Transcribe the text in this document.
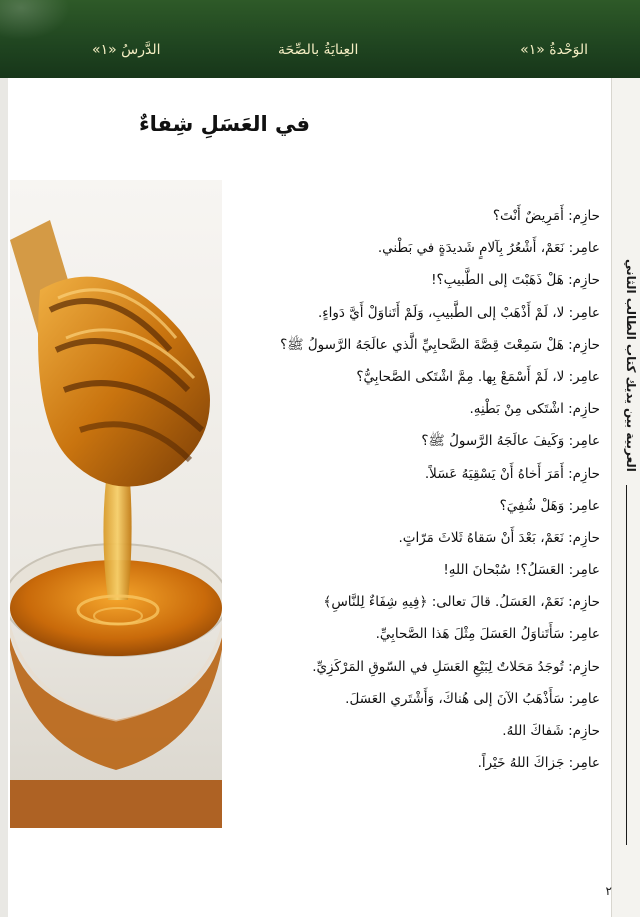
الوَحْدةُ «١»
العِنايَةُ بالصِّحَة
الدَّرسُ «١»
العربية بين يديك كتاب الطالب الثاني
في العَسَلِ شِفاءٌ
حازِم: أَمَرِيضٌ أَنْتَ؟
عامِر: نَعَمْ، أَشْعُرُ بِآلامٍ شَديدَةٍ في بَطْني.
حازِم: هَلْ ذَهَبْتَ إلى الطَّبيبِ؟!
عامِر: لا، لَمْ أَذْهَبْ إلى الطَّبيبِ، وَلَمْ أَتَناوَلْ أَيَّ دَواءٍ.
حازِم: هَلْ سَمِعْتَ قِصَّةَ الصَّحابِيِّ الَّذي عالَجَهُ الرَّسولُ ﷺ؟
عامِر: لا، لَمْ أَسْمَعْ بِها. مِمَّ اشْتَكى الصَّحابِيُّ؟
حازِم: اشْتَكى مِنْ بَطْنِهِ.
عامِر: وَكَيفَ عالَجَهُ الرَّسولُ ﷺ؟
حازِم: أَمَرَ أَخاهُ أَنْ يَسْقِيَهُ عَسَلاً.
عامِر: وَهَلْ شُفِيَ؟
حازِم: نَعَمْ، بَعْدَ أَنْ سَقاهُ ثَلاثَ مَرّاتٍ.
عامِر: العَسَلُ؟! سُبْحانَ اللهِ!
حازِم: نَعَمْ، العَسَلُ. قالَ تعالى: ﴿فِيهِ شِفَاءٌ لِلنَّاسِ﴾
عامِر: سَأَتَناوَلُ العَسَلَ مِثْلَ هَذا الصَّحابِيِّ.
حازِم: تُوجَدُ مَحَلاتٌ لِبَيْعِ العَسَلِ في السّوقِ المَرْكَزِيِّ.
عامِر: سَأَذْهَبُ الآنَ إلى هُناكَ، وَأَشْتَري العَسَلَ.
حازِم: شَفاكَ اللهُ.
عامِر: جَزاكَ اللهُ خَيْراً.
٢
